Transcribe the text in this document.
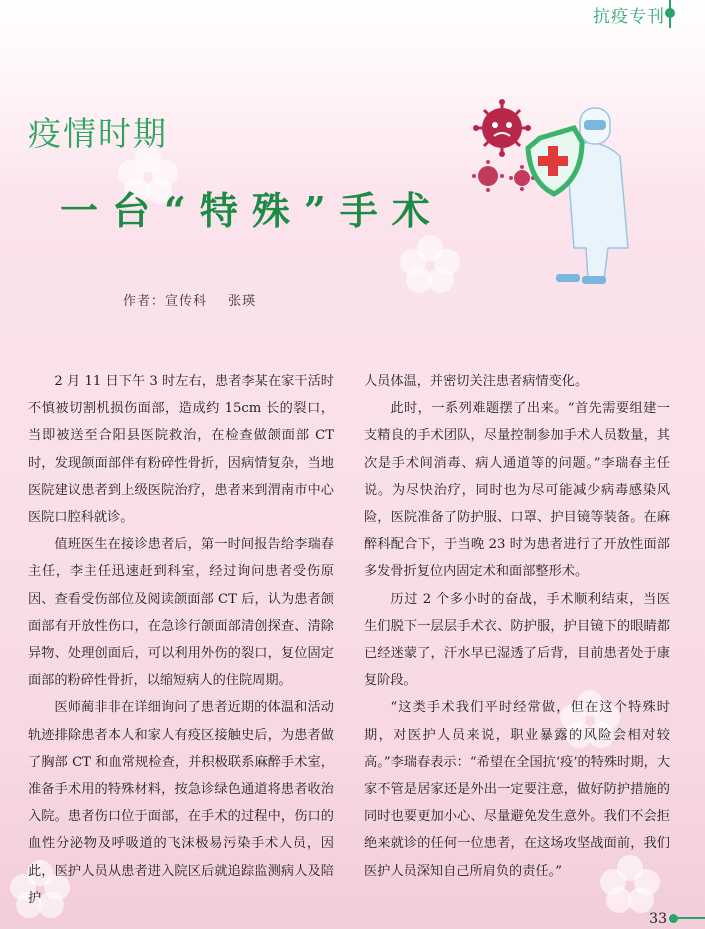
抗疫专刊
疫情时期
一台“特殊”手术
作者：宣传科 张瑛

2 月 11 日下午 3 时左右，患者李某在家干活时不慎被切割机损伤面部，造成约 15cm 长的裂口，当即被送至合阳县医院救治，在检查做颌面部 CT 时，发现颌面部伴有粉碎性骨折，因病情复杂，当地医院建议患者到上级医院治疗，患者来到渭南市中心医院口腔科就诊。

值班医生在接诊患者后，第一时间报告给李瑞春主任，李主任迅速赶到科室，经过询问患者受伤原因、查看受伤部位及阅读颌面部 CT 后，认为患者颌面部有开放性伤口，在急诊行颌面部清创探查、清除异物、处理创面后，可以利用外伤的裂口，复位固定面部的粉碎性骨折，以缩短病人的住院周期。

医师蔺非非在详细询问了患者近期的体温和活动轨迹排除患者本人和家人有疫区接触史后，为患者做了胸部 CT 和血常规检查，并积极联系麻醉手术室，准备手术用的特殊材料，按急诊绿色通道将患者收治入院。患者伤口位于面部，在手术的过程中，伤口的血性分泌物及呼吸道的飞沫极易污染手术人员，因此，医护人员从患者进入院区后就追踪监测病人及陪护

人员体温，并密切关注患者病情变化。

此时，一系列难题摆了出来。“首先需要组建一支精良的手术团队，尽量控制参加手术人员数量，其次是手术间消毒、病人通道等的问题。”李瑞春主任说。为尽快治疗，同时也为尽可能减少病毒感染风险，医院准备了防护服、口罩、护目镜等装备。在麻醉科配合下，于当晚 23 时为患者进行了开放性面部多发骨折复位内固定术和面部整形术。

历过 2 个多小时的奋战，手术顺利结束，当医生们脱下一层层手术衣、防护服，护目镜下的眼睛都已经迷蒙了，汗水早已湿透了后背，目前患者处于康复阶段。

“这类手术我们平时经常做，但在这个特殊时期，对医护人员来说，职业暴露的风险会相对较高。”李瑞春表示：“希望在全国抗‘疫’的特殊时期，大家不管是居家还是外出一定要注意，做好防护措施的同时也要更加小心、尽量避免发生意外。我们不会拒绝来就诊的任何一位患者，在这场攻坚战面前，我们医护人员深知自己所肩负的责任。”

33
